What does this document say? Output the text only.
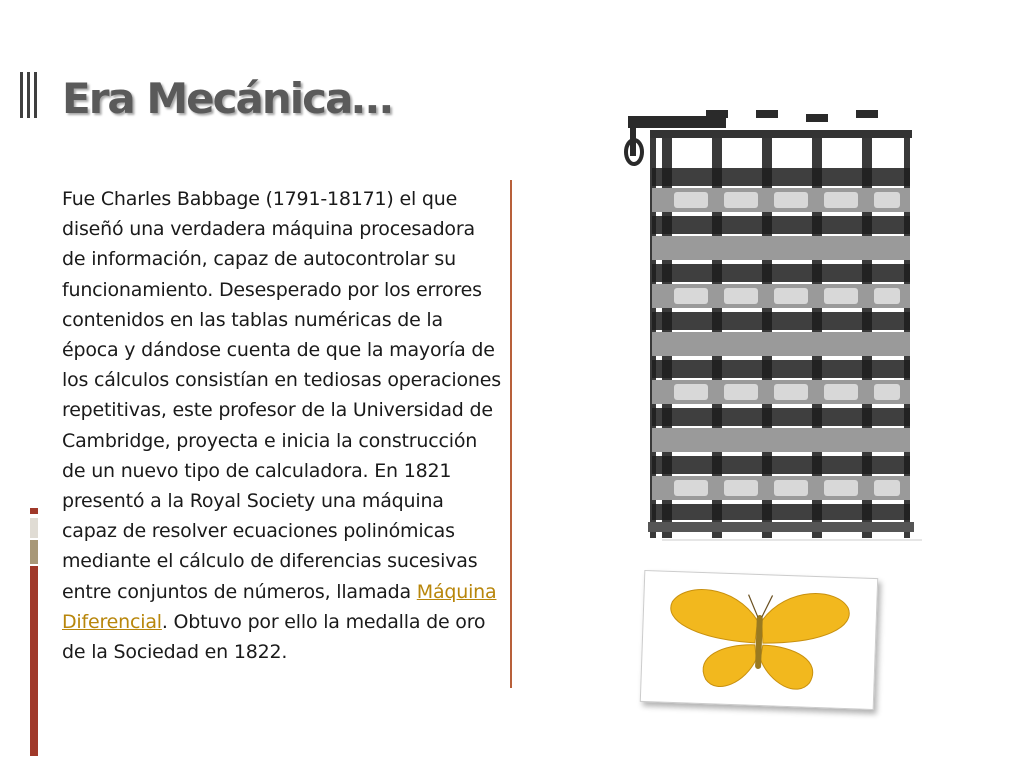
Era Mecánica…

Fue Charles Babbage (1791-18171) el que diseñó una verdadera máquina procesadora de información, capaz de autocontrolar su funcionamiento. Desesperado por los errores contenidos en las tablas numéricas de la época y dándose cuenta de que la mayoría de los cálculos consistían en tediosas operaciones repetitivas, este profesor de la Universidad de Cambridge, proyecta e inicia la construcción de un nuevo tipo de calculadora. En 1821 presentó a la Royal Society una máquina capaz de resolver ecuaciones polinómicas mediante el cálculo de diferencias sucesivas entre conjuntos de números, llamada Máquina Diferencial. Obtuvo por ello la medalla de oro de la Sociedad en 1822.
